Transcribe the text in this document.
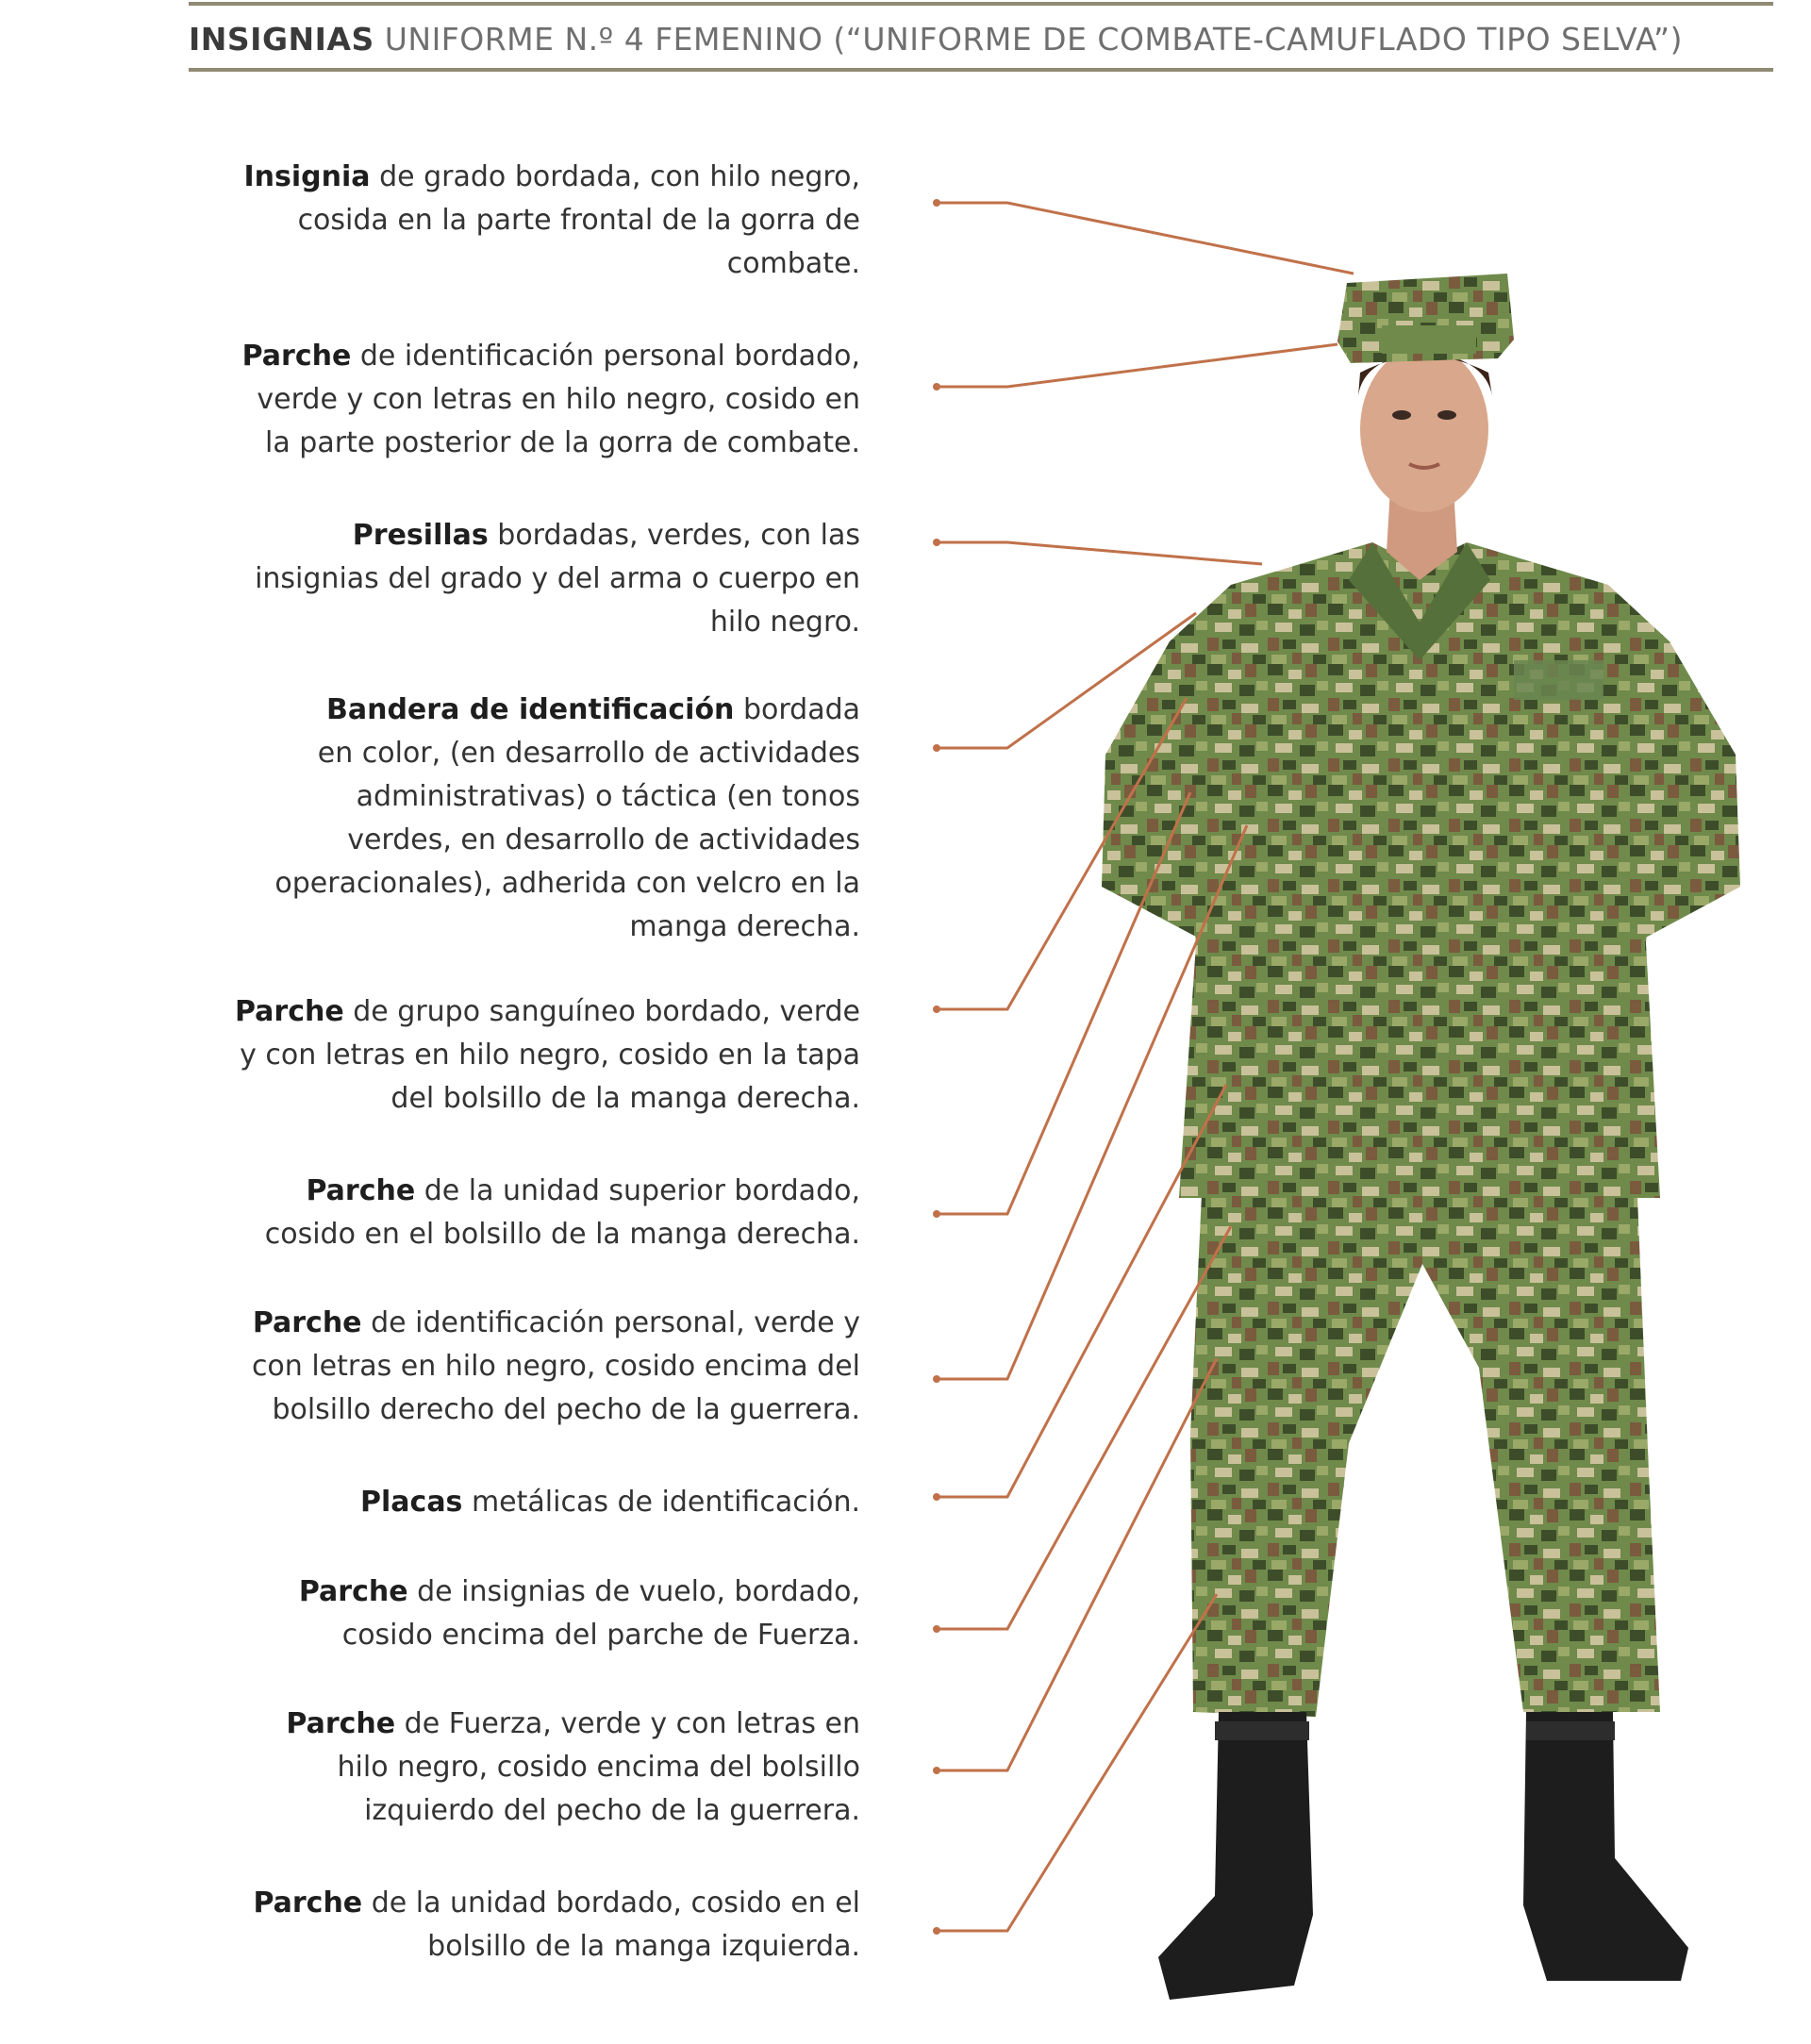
INSIGNIAS UNIFORME N.º 4 FEMENINO (“UNIFORME DE COMBATE-CAMUFLADO TIPO SELVA”)
Insignia de grado bordada, con hilo negro,
cosida en la parte frontal de la gorra de
combate.
Parche de identificación personal bordado,
verde y con letras en hilo negro, cosido en
la parte posterior de la gorra de combate.
Presillas bordadas, verdes, con las
insignias del grado y del arma o cuerpo en
hilo negro.
Bandera de identificación bordada
en color, (en desarrollo de actividades
administrativas) o táctica (en tonos
verdes, en desarrollo de actividades
operacionales), adherida con velcro en la
manga derecha.
Parche de grupo sanguíneo bordado, verde
y con letras en hilo negro, cosido en la tapa
del bolsillo de la manga derecha.
Parche de la unidad superior bordado,
cosido en el bolsillo de la manga derecha.
Parche de identificación personal, verde y
con letras en hilo negro, cosido encima del
bolsillo derecho del pecho de la guerrera.
Placas metálicas de identificación.
Parche de insignias de vuelo, bordado,
cosido encima del parche de Fuerza.
Parche de Fuerza, verde y con letras en
hilo negro, cosido encima del bolsillo
izquierdo del pecho de la guerrera.
Parche de la unidad bordado, cosido en el
bolsillo de la manga izquierda.
